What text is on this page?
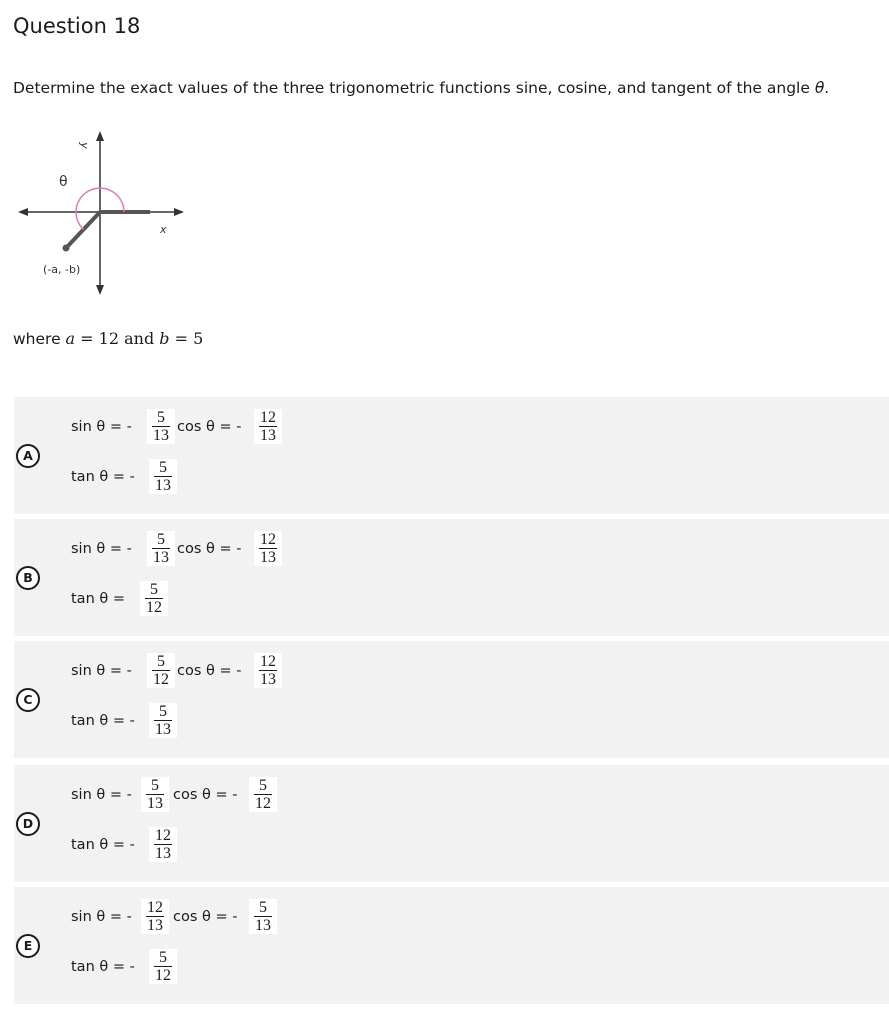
Question 18
Determine the exact values of the three trigonometric functions sine, cosine, and tangent of the angle θ.
y
x
θ
(-a, -b)
where a = 12 and b = 5
A
sin θ = -
5
13 cos θ = -
12
13
tan θ = -
5
13
B
sin θ = -
5
13 cos θ = -
12
13
tan θ =
5
12
C
sin θ = -
5
12 cos θ = -
12
13
tan θ = -
5
13
D
sin θ = -
5
13 cos θ = -
5
12
tan θ = -
12
13
E
sin θ = -
12
13 cos θ = -
5
13
tan θ = -
5
12
